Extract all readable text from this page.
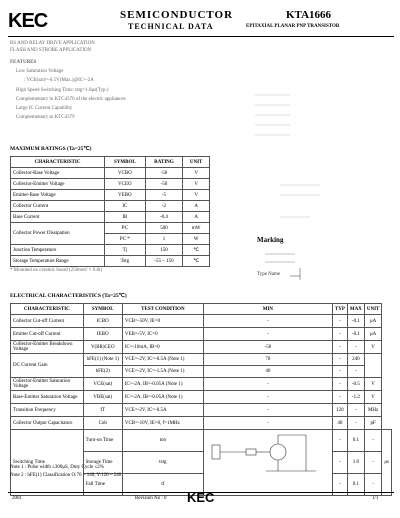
KEC	SEMICONDUCTOR
TECHNICAL DATA
KTA1666
EPITAXIAL PLANAR PNP TRANSISTOR
RS AND RELAY DRIVE APPLICATION
FLASH AND STROBE APPLICATION
FEATURES
Low Saturation Voltage
: VCE(sat)=-0.5V(Max.)@IC=-2A
High Speed Switching Time: tstg=1.0μs(Typ.)
Complementary to KTC4370 of the electric appliances
Large IC Current Capability
Complementary to KTC4379
MAXIMUM RATINGS (Ta=25℃)
CHARACTERISTIC	SYMBOL	RATING	UNIT
Collector-Base Voltage	VCBO	-50	V
Collector-Emitter Voltage	VCEO	-50	V
Emitter-Base Voltage	VEBO	-5	V
Collector Current	IC	-2	A
Base Current	IB	-0.4	A
Collector Power Dissipation	PC	500	mW
	PC *	1	W
Junction Temperature	Tj	150	℃
Storage Temperature Range	Tstg	-55 ~ 150	℃
* Mounted on ceramic board (250mm² × 0.8t)
Marking
Type Name
ELECTRICAL CHARACTERISTICS (Ta=25℃)
CHARACTERISTIC	SYMBOL	TEST CONDITION	MIN	TYP	MAX	UNIT	
Collector Cut-off Current	ICBO	VCB=-50V, IE=0	-	-	-0.1	μA	
Emitter Cut-off Current	IEBO	VEB=-5V, IC=0	-	-	-0.1	μA	
Collector-Emitter Breakdown Voltage	V(BR)CEO	IC=-10mA, IB=0	-50	-	-	V	
DC Current Gain	hFE(1) (Note 1)	VCE=-2V, IC=-0.5A (Note 1)	70	-	240		
	hFE(2)	VCE=-2V, IC=-1.5A (Note 1)	40	-	-		
Collector-Emitter Saturation Voltage	VCE(sat)	IC=-2A, IB=-0.05A (Note 1)	-	-	-0.5	V	
Base-Emitter Saturation Voltage	VBE(sat)	IC=-2A, IB=-0.05A (Note 1)	-	-	-1.2	V	
Transition Frequency	fT	VCE=-2V, IC=-0.5A	-	120	-	MHz	
Collector Output Capacitance	Cob	VCB=-10V, IE=0, f=1MHz	-	40	-	pF	
Switching Time	Turn-on Time	ton		-	0.1	-	μs
	Storage Time	tstg		-	1.0	-	
	Fall Time	tf		-	0.1	-	
Note 1 : Pulse width ≤300μS, Duty Cycle ≤2%
Note 2 : hFE(1) Classification O:70 ~ 140, Y:120 ~ 240
2001	Revision No : 0 KEC	1/1
